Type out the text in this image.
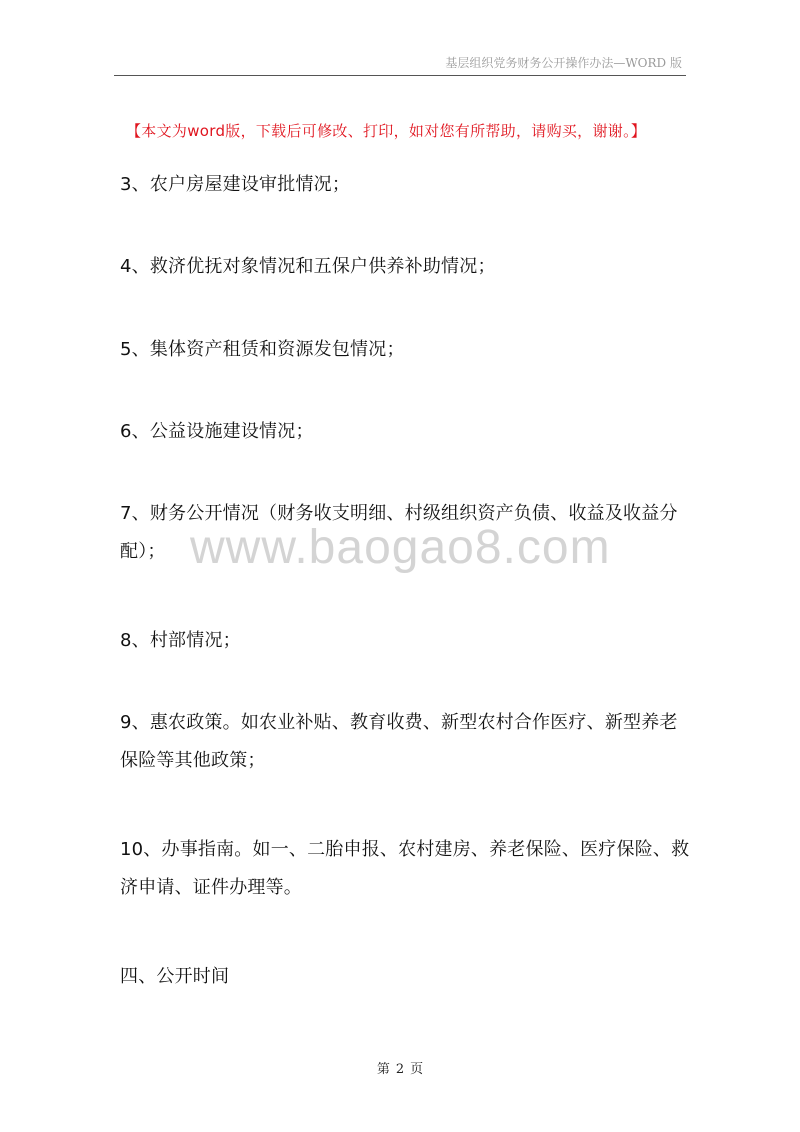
基层组织党务财务公开操作办法—WORD 版
【本文为word版，下载后可修改、打印，如对您有所帮助，请购买，谢谢。】
3、农户房屋建设审批情况；
4、救济优抚对象情况和五保户供养补助情况；
5、集体资产租赁和资源发包情况；
6、公益设施建设情况；
7、财务公开情况（财务收支明细、村级组织资产负债、收益及收益分配）；
8、村部情况；
9、惠农政策。如农业补贴、教育收费、新型农村合作医疗、新型养老保险等其他政策；
10、办事指南。如一、二胎申报、农村建房、养老保险、医疗保险、救济申请、证件办理等。
四、公开时间
www.baogao8.com
第 2 页
